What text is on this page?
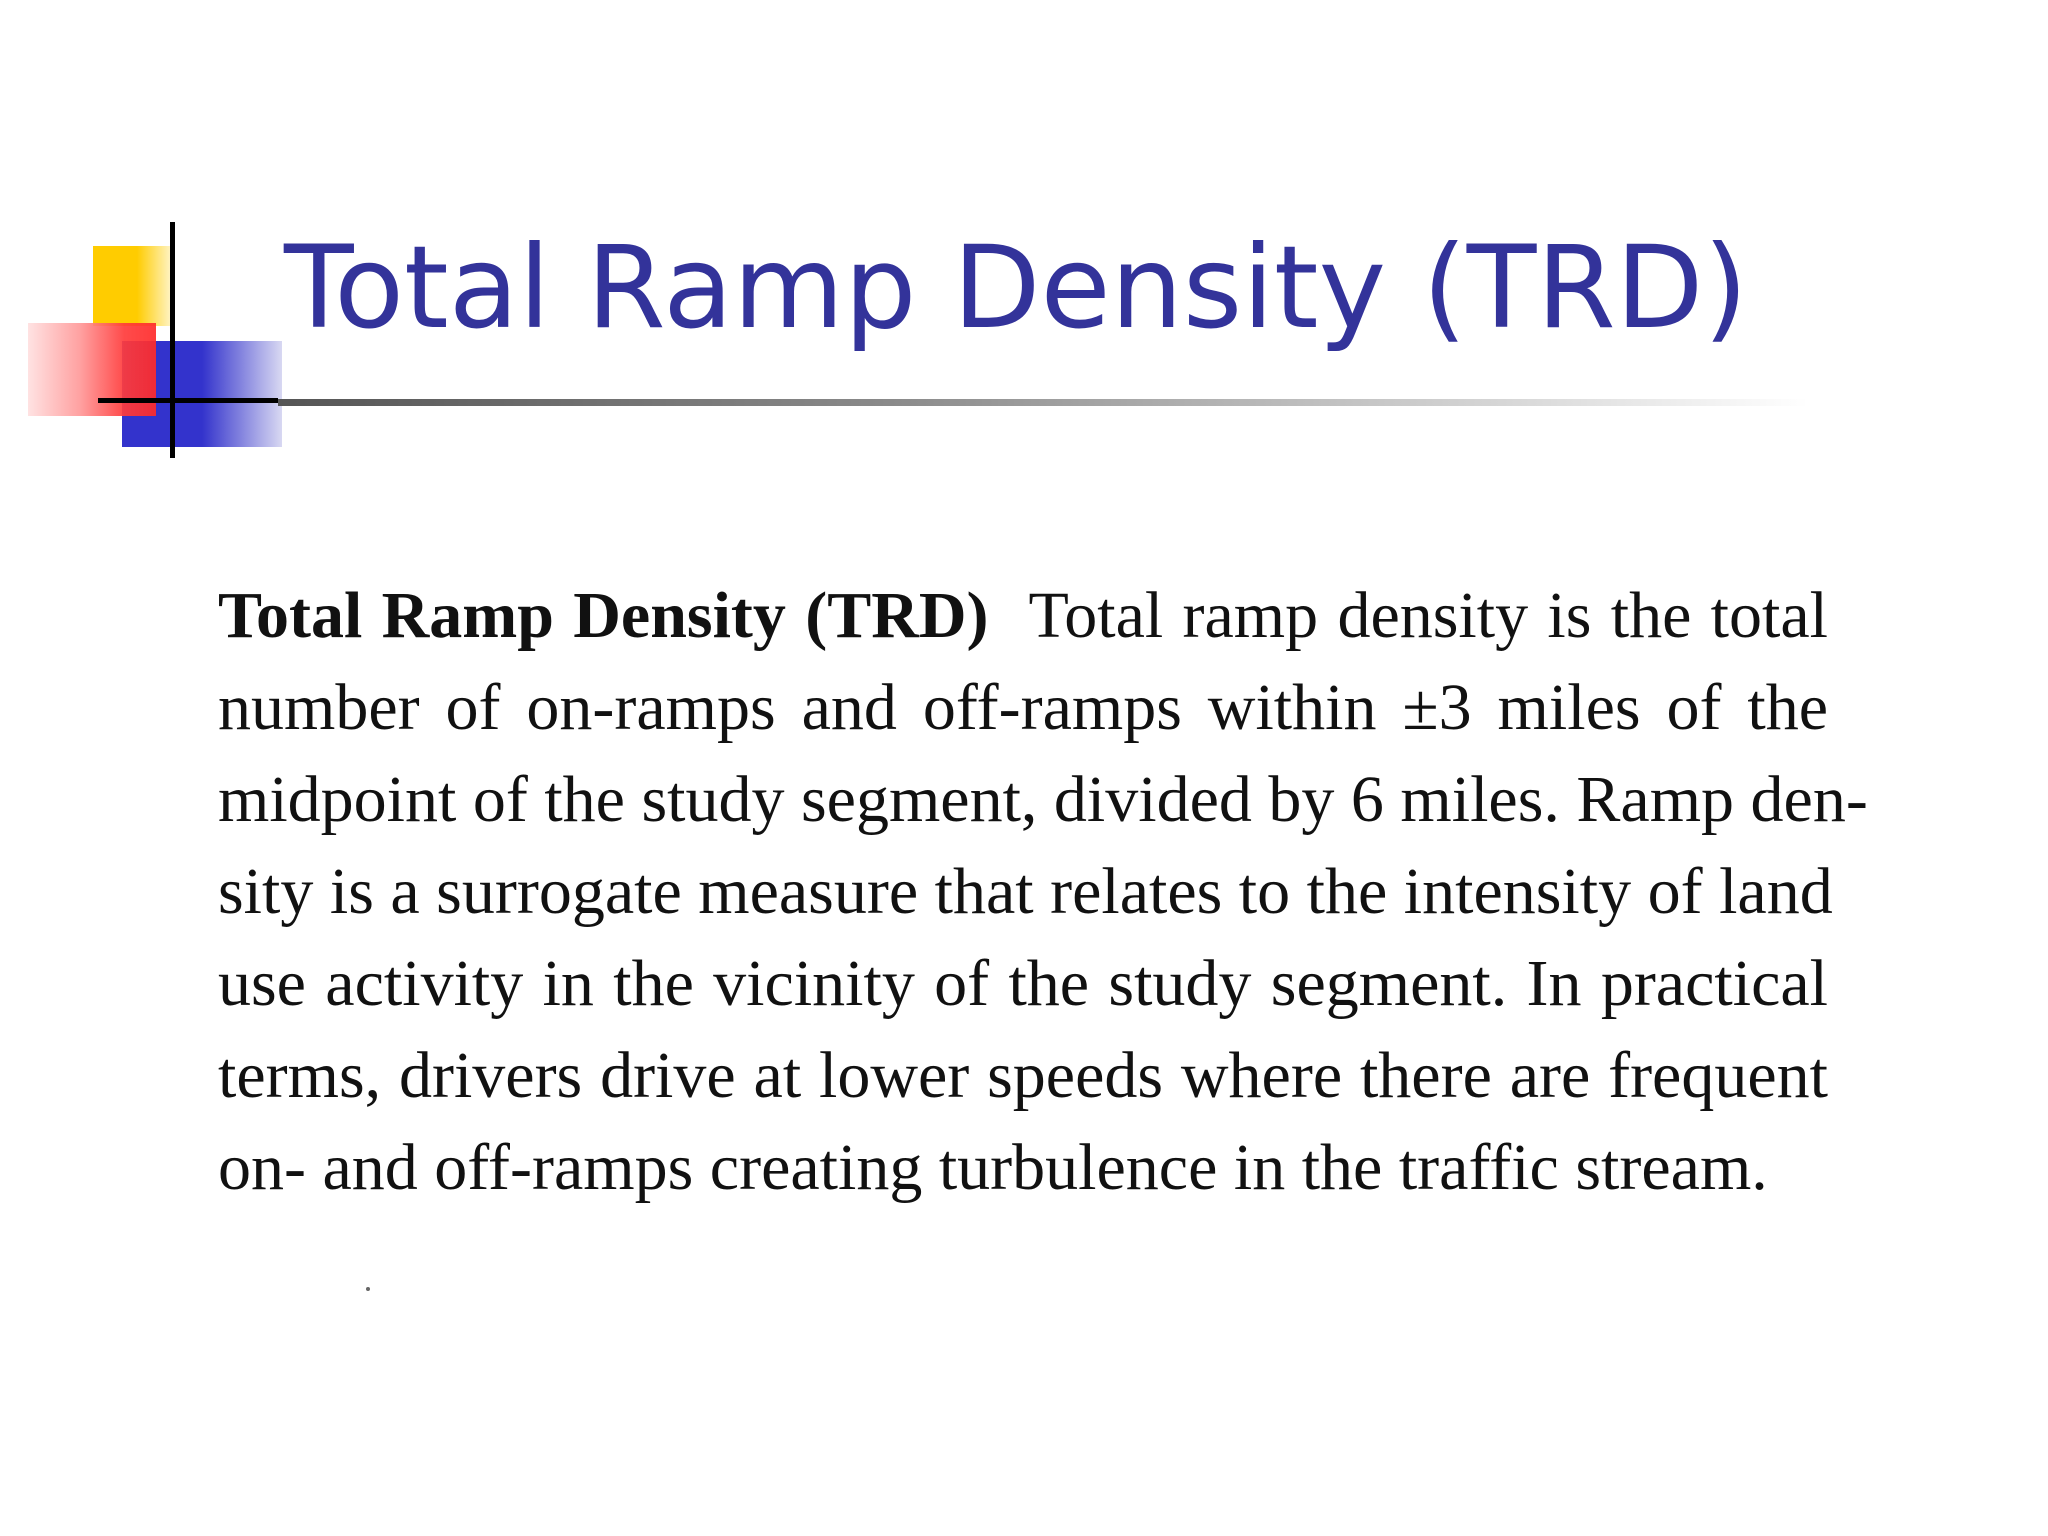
Total Ramp Density (TRD)
Total Ramp Density (TRD) Total ramp density is the total
number of on-ramps and off-ramps within ±3 miles of the
midpoint of the study segment, divided by 6 miles. Ramp den-
sity is a surrogate measure that relates to the intensity of land
use activity in the vicinity of the study segment. In practical
terms, drivers drive at lower speeds where there are frequent
on- and off-ramps creating turbulence in the traffic stream.
